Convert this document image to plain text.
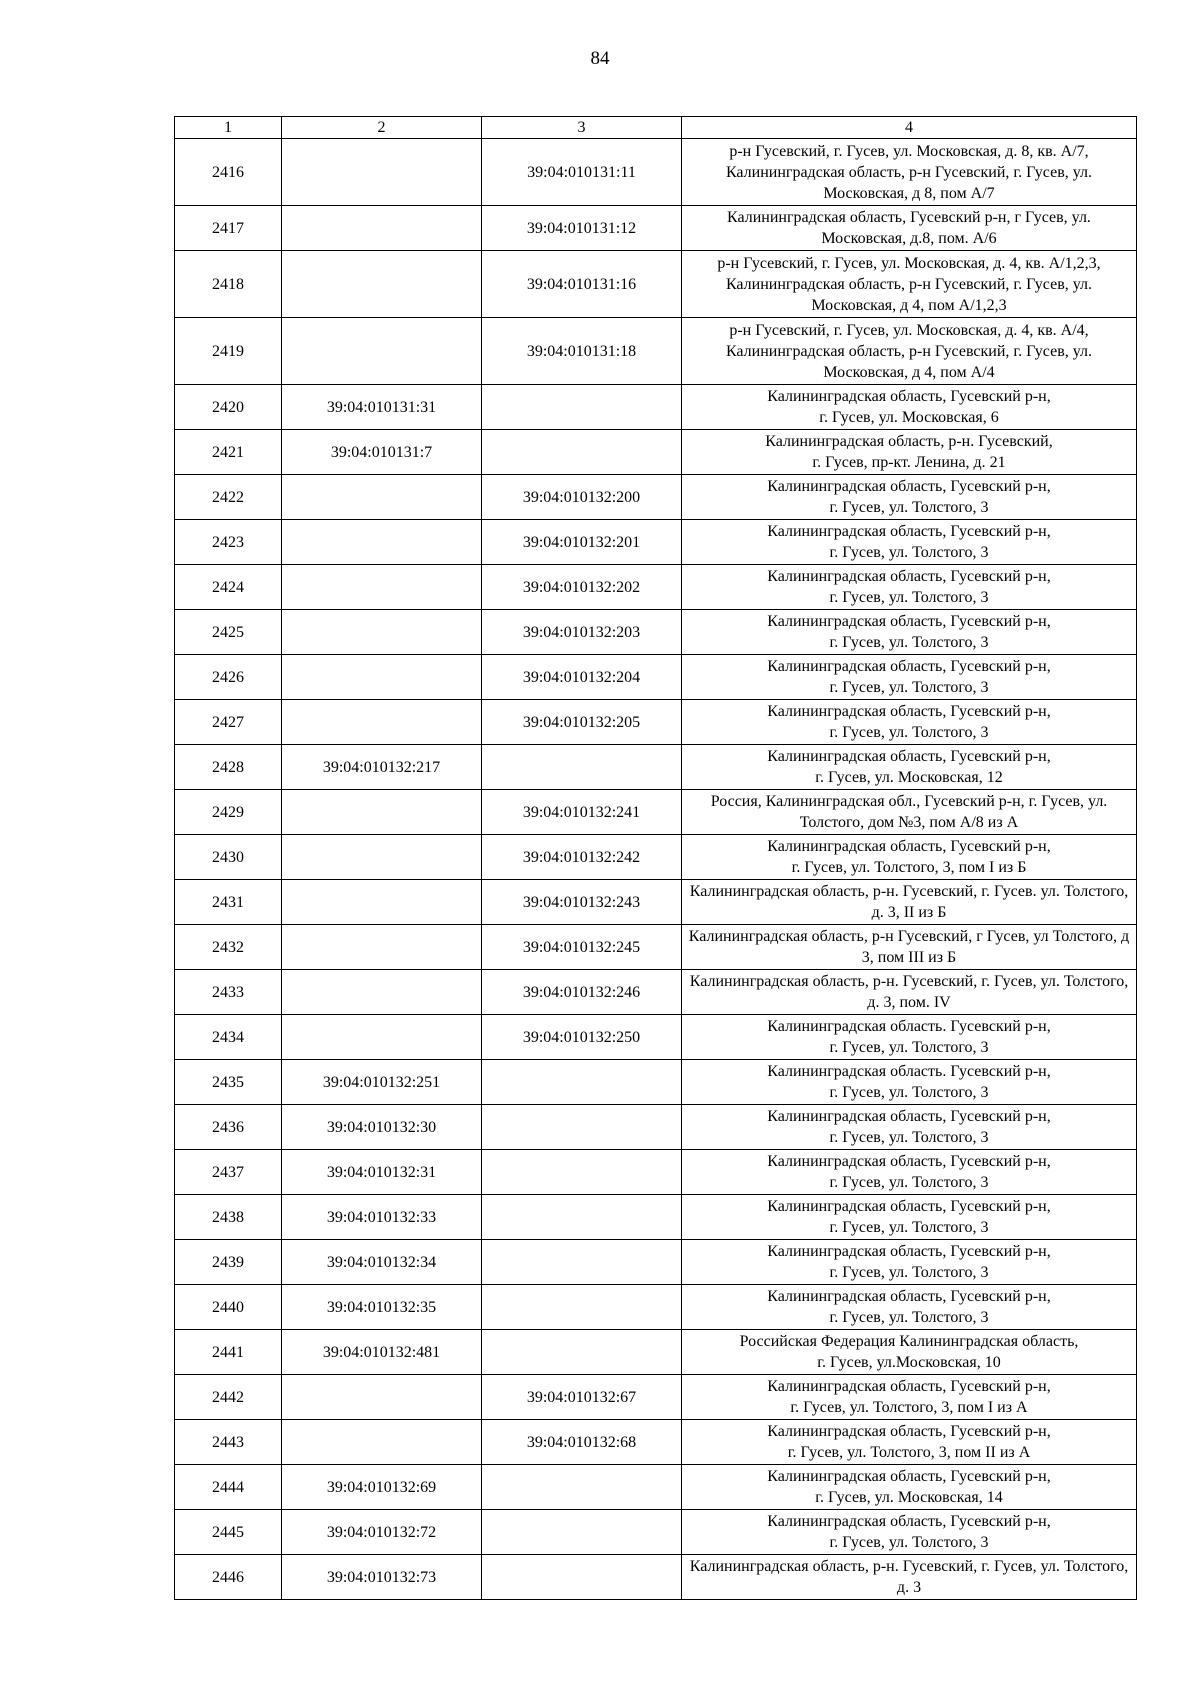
84
1	2	3	4
2416		39:04:010131:11	р-н Гусевский, г. Гусев, ул. Московская, д. 8, кв. А/7, Калининградская область, р-н Гусевский, г. Гусев, ул. Московская, д 8, пом А/7
2417		39:04:010131:12	Калининградская область, Гусевский р-н, г Гусев, ул. Московская, д.8, пом. А/6
2418		39:04:010131:16	р-н Гусевский, г. Гусев, ул. Московская, д. 4, кв. А/1,2,3, Калининградская область, р-н Гусевский, г. Гусев, ул. Московская, д 4, пом А/1,2,3
2419		39:04:010131:18	р-н Гусевский, г. Гусев, ул. Московская, д. 4, кв. А/4, Калининградская область, р-н Гусевский, г. Гусев, ул. Московская, д 4, пом А/4
2420	39:04:010131:31		Калининградская область, Гусевский р-н,
г. Гусев, ул. Московская, 6
2421	39:04:010131:7		Калининградская область, р-н. Гусевский,
г. Гусев, пр-кт. Ленина, д. 21
2422		39:04:010132:200	Калининградская область, Гусевский р-н,
г. Гусев, ул. Толстого, 3
2423		39:04:010132:201	Калининградская область, Гусевский р-н,
г. Гусев, ул. Толстого, 3
2424		39:04:010132:202	Калининградская область, Гусевский р-н,
г. Гусев, ул. Толстого, 3
2425		39:04:010132:203	Калининградская область, Гусевский р-н,
г. Гусев, ул. Толстого, 3
2426		39:04:010132:204	Калининградская область, Гусевский р-н,
г. Гусев, ул. Толстого, 3
2427		39:04:010132:205	Калининградская область, Гусевский р-н,
г. Гусев, ул. Толстого, 3
2428	39:04:010132:217		Калининградская область, Гусевский р-н,
г. Гусев, ул. Московская, 12
2429		39:04:010132:241	Россия, Калининградская обл., Гусевский р-н, г. Гусев, ул. Толстого, дом №3, пом А/8 из А
2430		39:04:010132:242	Калининградская область, Гусевский р-н,
г. Гусев, ул. Толстого, 3, пом I из Б
2431		39:04:010132:243	Калининградская область, р-н. Гусевский, г. Гусев. ул. Толстого, д. 3, II из Б
2432		39:04:010132:245	Калининградская область, р-н Гусевский, г Гусев, ул Толстого, д 3, пом III из Б
2433		39:04:010132:246	Калининградская область, р-н. Гусевский, г. Гусев, ул. Толстого, д. 3, пом. IV
2434		39:04:010132:250	Калининградская область. Гусевский р-н,
г. Гусев, ул. Толстого, 3
2435	39:04:010132:251		Калининградская область. Гусевский р-н,
г. Гусев, ул. Толстого, 3
2436	39:04:010132:30		Калининградская область, Гусевский р-н,
г. Гусев, ул. Толстого, 3
2437	39:04:010132:31		Калининградская область, Гусевский р-н,
г. Гусев, ул. Толстого, 3
2438	39:04:010132:33		Калининградская область, Гусевский р-н,
г. Гусев, ул. Толстого, 3
2439	39:04:010132:34		Калининградская область, Гусевский р-н,
г. Гусев, ул. Толстого, 3
2440	39:04:010132:35		Калининградская область, Гусевский р-н,
г. Гусев, ул. Толстого, 3
2441	39:04:010132:481		Российская Федерация Калининградская область,
г. Гусев, ул.Московская, 10
2442		39:04:010132:67	Калининградская область, Гусевский р-н,
г. Гусев, ул. Толстого, 3, пом I из А
2443		39:04:010132:68	Калининградская область, Гусевский р-н,
г. Гусев, ул. Толстого, 3, пом II из А
2444	39:04:010132:69		Калининградская область, Гусевский р-н,
г. Гусев, ул. Московская, 14
2445	39:04:010132:72		Калининградская область, Гусевский р-н,
г. Гусев, ул. Толстого, 3
2446	39:04:010132:73		Калининградская область, р-н. Гусевский, г. Гусев, ул. Толстого, д. 3
